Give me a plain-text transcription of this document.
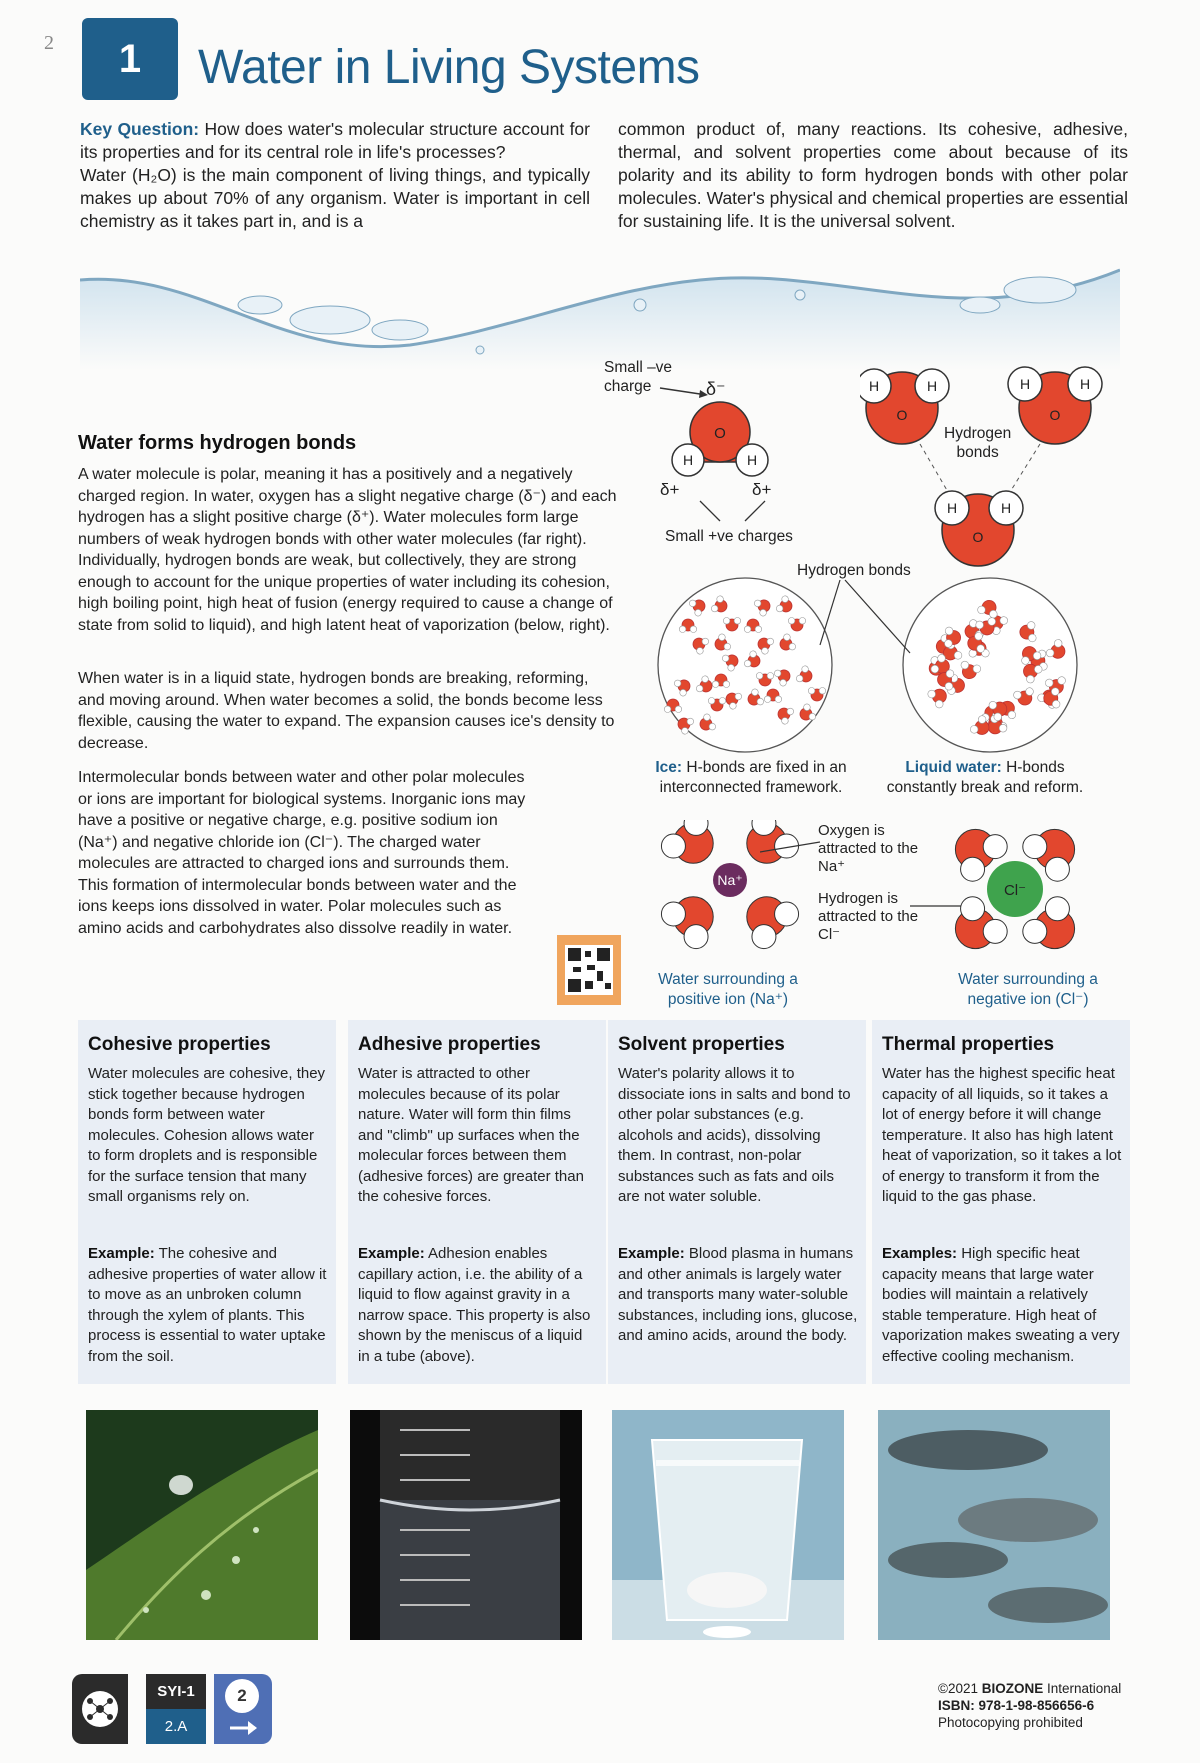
2	1	Water in Living Systems
Key Question: How does water's molecular structure account for its properties and for its central role in life's processes?
Water (H₂O) is the main component of living things, and typically makes up about 70% of any organism. Water is important in cell chemistry as it takes part in, and is a
common product of, many reactions. Its cohesive, adhesive, thermal, and solvent properties come about because of its polarity and its ability to form hydrogen bonds with other polar molecules. Water's physical and chemical properties are essential for sustaining life. It is the universal solvent.
Water forms hydrogen bonds
A water molecule is polar, meaning it has a positively and a negatively charged region. In water, oxygen has a slight negative charge (δ⁻) and each hydrogen has a slight positive charge (δ⁺). Water molecules form large numbers of weak hydrogen bonds with other water molecules (far right). Individually, hydrogen bonds are weak, but collectively, they are strong enough to account for the unique properties of water including its cohesion, high boiling point, high heat of fusion (energy required to cause a change of state from solid to liquid), and high latent heat of vaporization (below, right).
When water is in a liquid state, hydrogen bonds are breaking, reforming, and moving around. When water becomes a solid, the bonds become less flexible, causing the water to expand. The expansion causes ice's density to decrease.
Intermolecular bonds between water and other polar molecules or ions are important for biological systems. Inorganic ions may have a positive or negative charge, e.g. positive sodium ion (Na⁺) and negative chloride ion (Cl⁻). The charged water molecules are attracted to charged ions and surrounds them. This formation of intermolecular bonds between water and the ions keeps ions dissolved in water. Polar molecules such as amino acids and carbohydrates also dissolve readily in water.
Small –ve
charge	δ⁻
O
H	H
δ+	δ+
Small +ve charges
O
H	H
O
H	H
O
H	H
Hydrogen
bonds
Hydrogen bonds
Ice: H-bonds are fixed in an interconnected framework.
Liquid water: H-bonds constantly break and reform.
Na⁺
Oxygen is attracted to the Na⁺
Hydrogen is attracted to the Cl⁻
Cl⁻
Water surrounding a positive ion (Na⁺)
Water surrounding a negative ion (Cl⁻)
Cohesive properties
Water molecules are cohesive, they stick together because hydrogen bonds form between water molecules. Cohesion allows water to form droplets and is responsible for the surface tension that many small organisms rely on.
Example: The cohesive and adhesive properties of water allow it to move as an unbroken column through the xylem of plants. This process is essential to water uptake from the soil.
Adhesive properties
Water is attracted to other molecules because of its polar nature. Water will form thin films and "climb" up surfaces when the molecular forces between them (adhesive forces) are greater than the cohesive forces.
Example: Adhesion enables capillary action, i.e. the ability of a liquid to flow against gravity in a narrow space. This property is also shown by the meniscus of a liquid in a tube (above).
Solvent properties
Water's polarity allows it to dissociate ions in salts and bond to other polar substances (e.g. alcohols and acids), dissolving them. In contrast, non-polar substances such as fats and oils are not water soluble.
Example: Blood plasma in humans and other animals is largely water and transports many water-soluble substances, including ions, glucose, and amino acids, around the body.
Thermal properties
Water has the highest specific heat capacity of all liquids, so it takes a lot of energy before it will change temperature. It also has high latent heat of vaporization, so it takes a lot of energy to transform it from the liquid to the gas phase.
Examples: High specific heat capacity means that large water bodies will maintain a relatively stable temperature. High heat of vaporization makes sweating a very effective cooling mechanism.
SYI-1
2.A
2	©2021 BIOZONE International
ISBN: 978-1-98-856656-6
Photocopying prohibited
